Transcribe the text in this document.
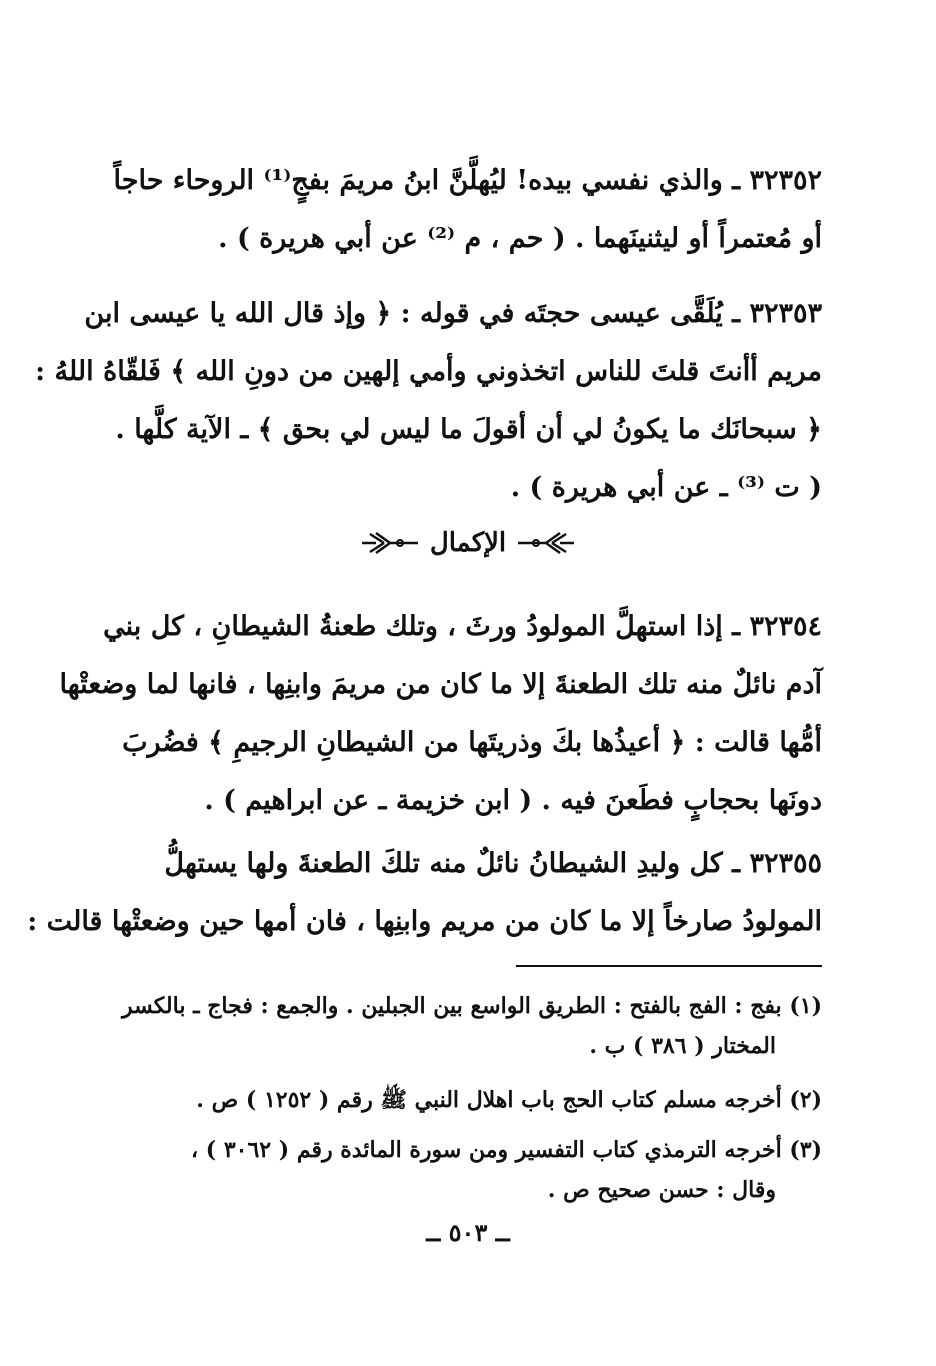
٣٢٣٥٢ ـ والذي نفسي بيده! ليُهلَّنَّ ابنُ مريمَ بفجٍ⁽¹⁾ الروحاء حاجاً
أو مُعتمراً أو ليثنينَهما . ( حم ، م ⁽²⁾ عن أبي هريرة ) .
٣٢٣٥٣ ـ يُلَقَّى عيسى حجتَه في قوله : ﴿ وإذ قال الله يا عيسى ابن
مريم أأنتَ قلتَ للناس اتخذوني وأمي إلهين من دونِ الله ﴾ فَلقّاهُ اللهُ :
﴿ سبحانَك ما يكونُ لي أن أقولَ ما ليس لي بحق ﴾ ـ الآية كلَّها .
( ت ⁽³⁾ ـ عن أبي هريرة ) .
الإكمال
٣٢٣٥٤ ـ إذا استهلَّ المولودُ ورثَ ، وتلك طعنةُ الشيطانِ ، كل بني
آدم نائلٌ منه تلك الطعنةَ إلا ما كان من مريمَ وابنِها ، فانها لما وضعتْها
أمُّها قالت : ﴿ أعيذُها بكَ وذريتَها من الشيطانِ الرجيمِ ﴾ فضُربَ
دونَها بحجابٍ فطَعنَ فيه . ( ابن خزيمة ـ عن ابراهيم ) .
٣٢٣٥٥ ـ كل وليدِ الشيطانُ نائلٌ منه تلكَ الطعنةَ ولها يستهلُّ
المولودُ صارخاً إلا ما كان من مريم وابنِها ، فان أمها حين وضعتْها قالت :
(١) بفج : الفج بالفتح : الطريق الواسع بين الجبلين . والجمع : فجاج ـ بالكسر
المختار ( ٣٨٦ ) ب .
(٢) أخرجه مسلم كتاب الحج باب اهلال النبي ﷺ رقم ( ١٢٥٢ ) ص .
(٣) أخرجه الترمذي كتاب التفسير ومن سورة المائدة رقم ( ٣٠٦٢ ) ،
وقال : حسن صحيح ص .
ــ ٥٠٣ ــ
